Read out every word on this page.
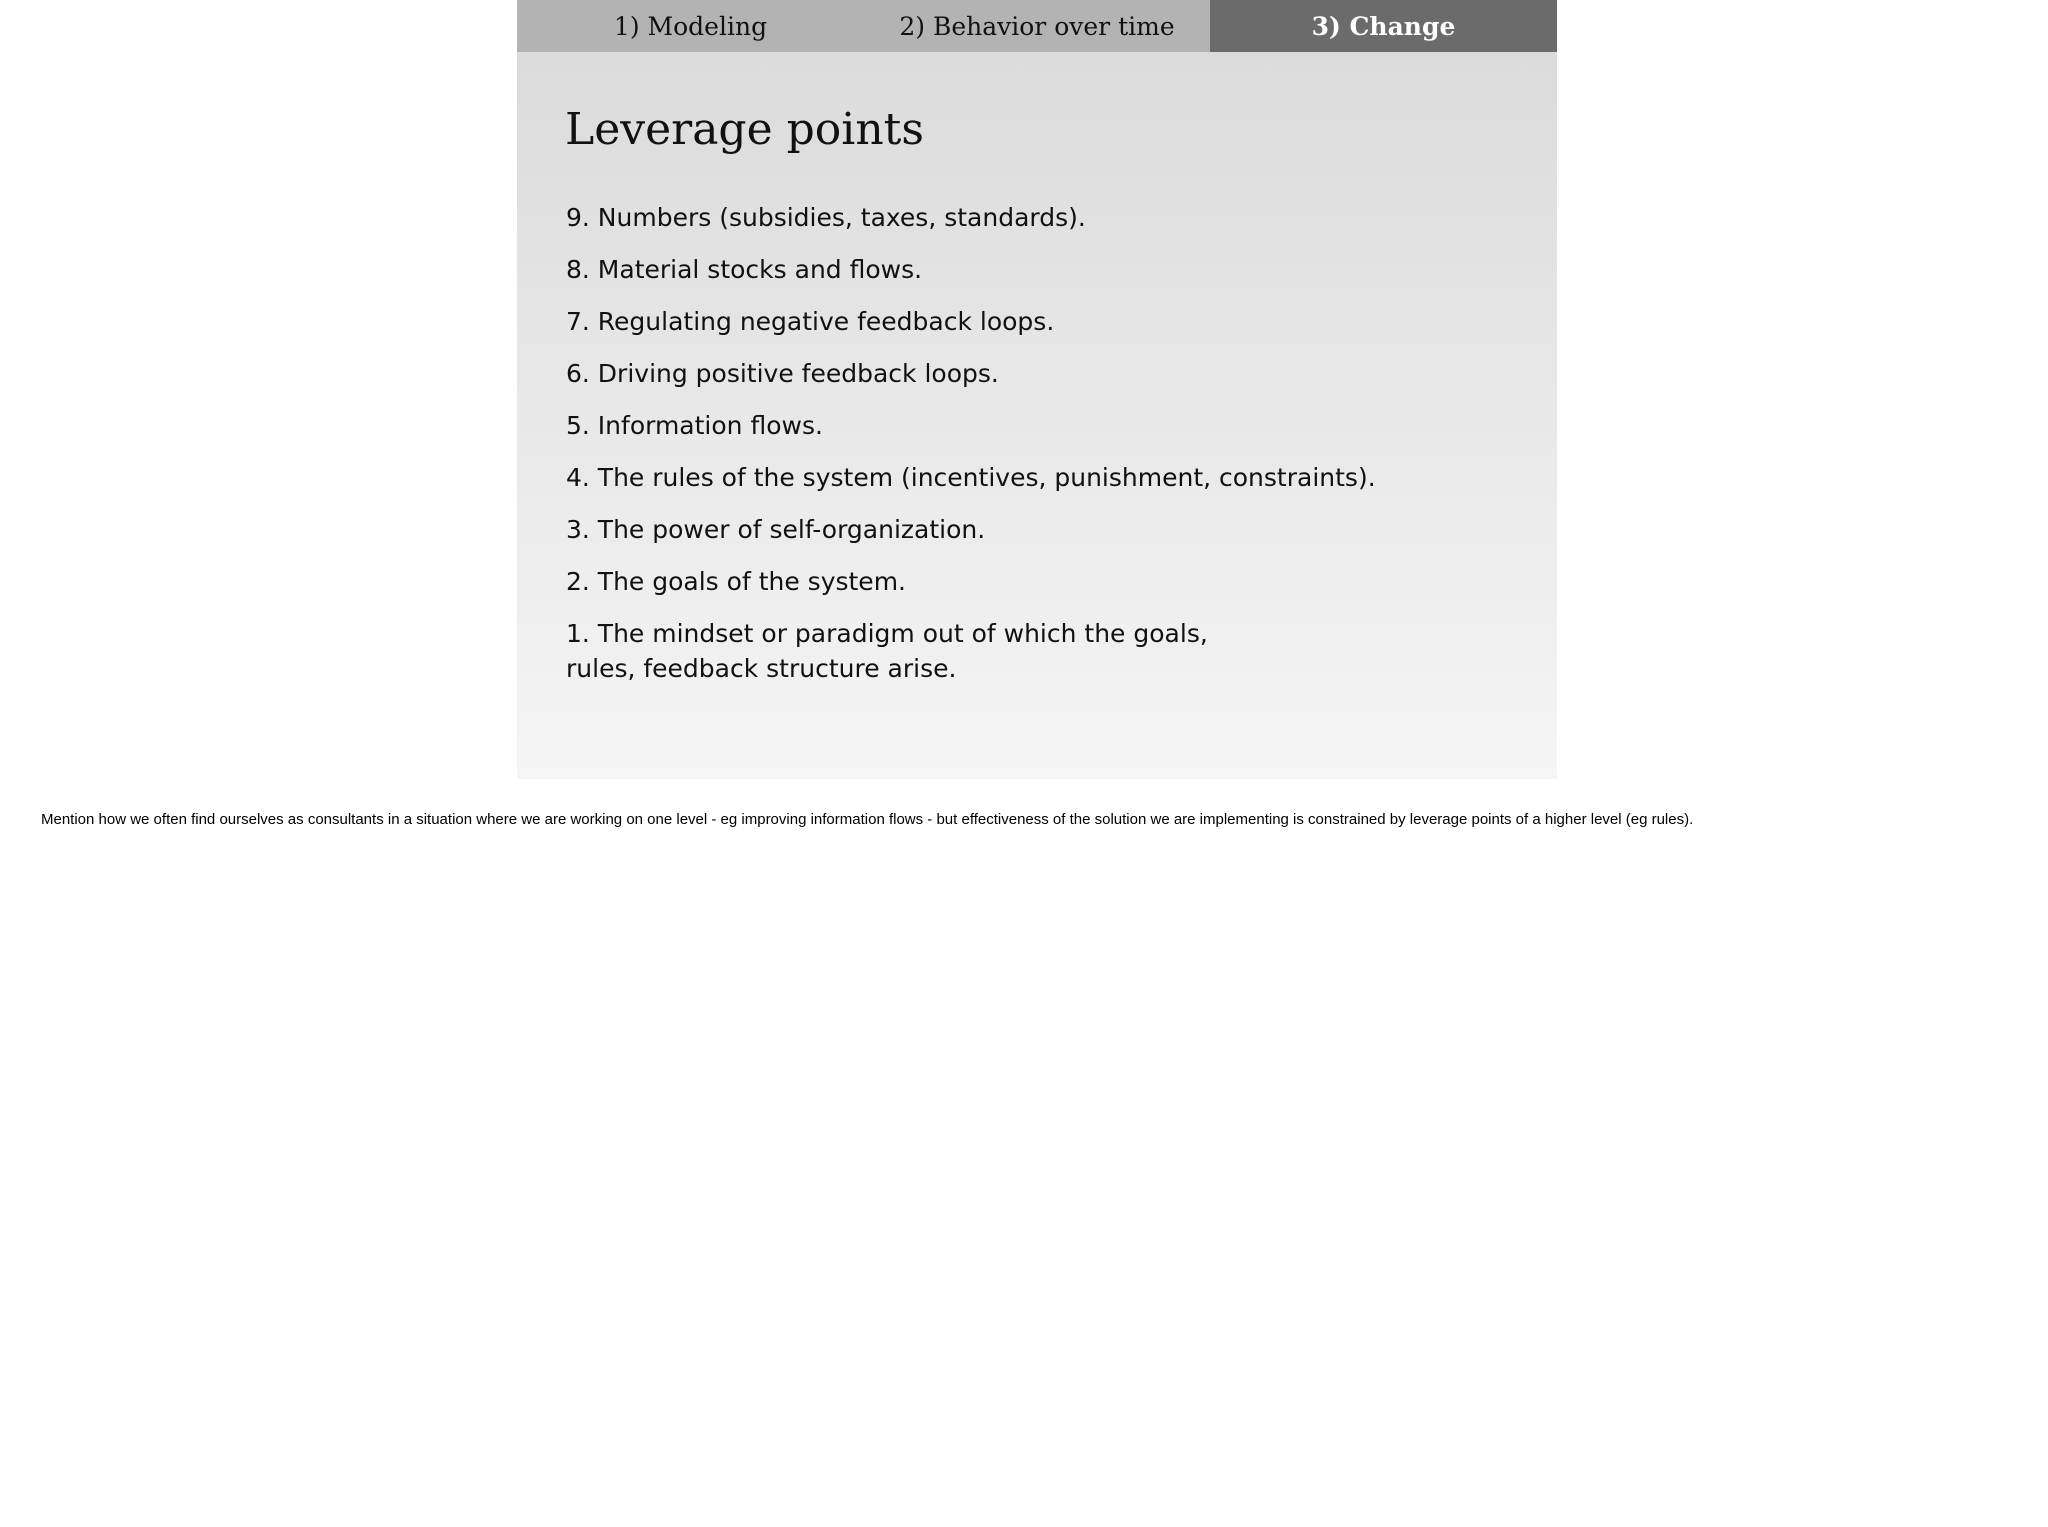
1) Modeling	2) Behavior over time	3) Change
Leverage points
9. Numbers (subsidies, taxes, standards).
8. Material stocks and flows.
7. Regulating negative feedback loops.
6. Driving positive feedback loops.
5. Information flows.
4. The rules of the system (incentives, punishment, constraints).
3. The power of self-organization.
2. The goals of the system.
1. The mindset or paradigm out of which the goals, rules, feedback structure arise.

Mention how we often find ourselves as consultants in a situation where we are working on one level - eg improving information flows - but effectiveness of the solution we are implementing is constrained by leverage points of a higher level (eg rules).
